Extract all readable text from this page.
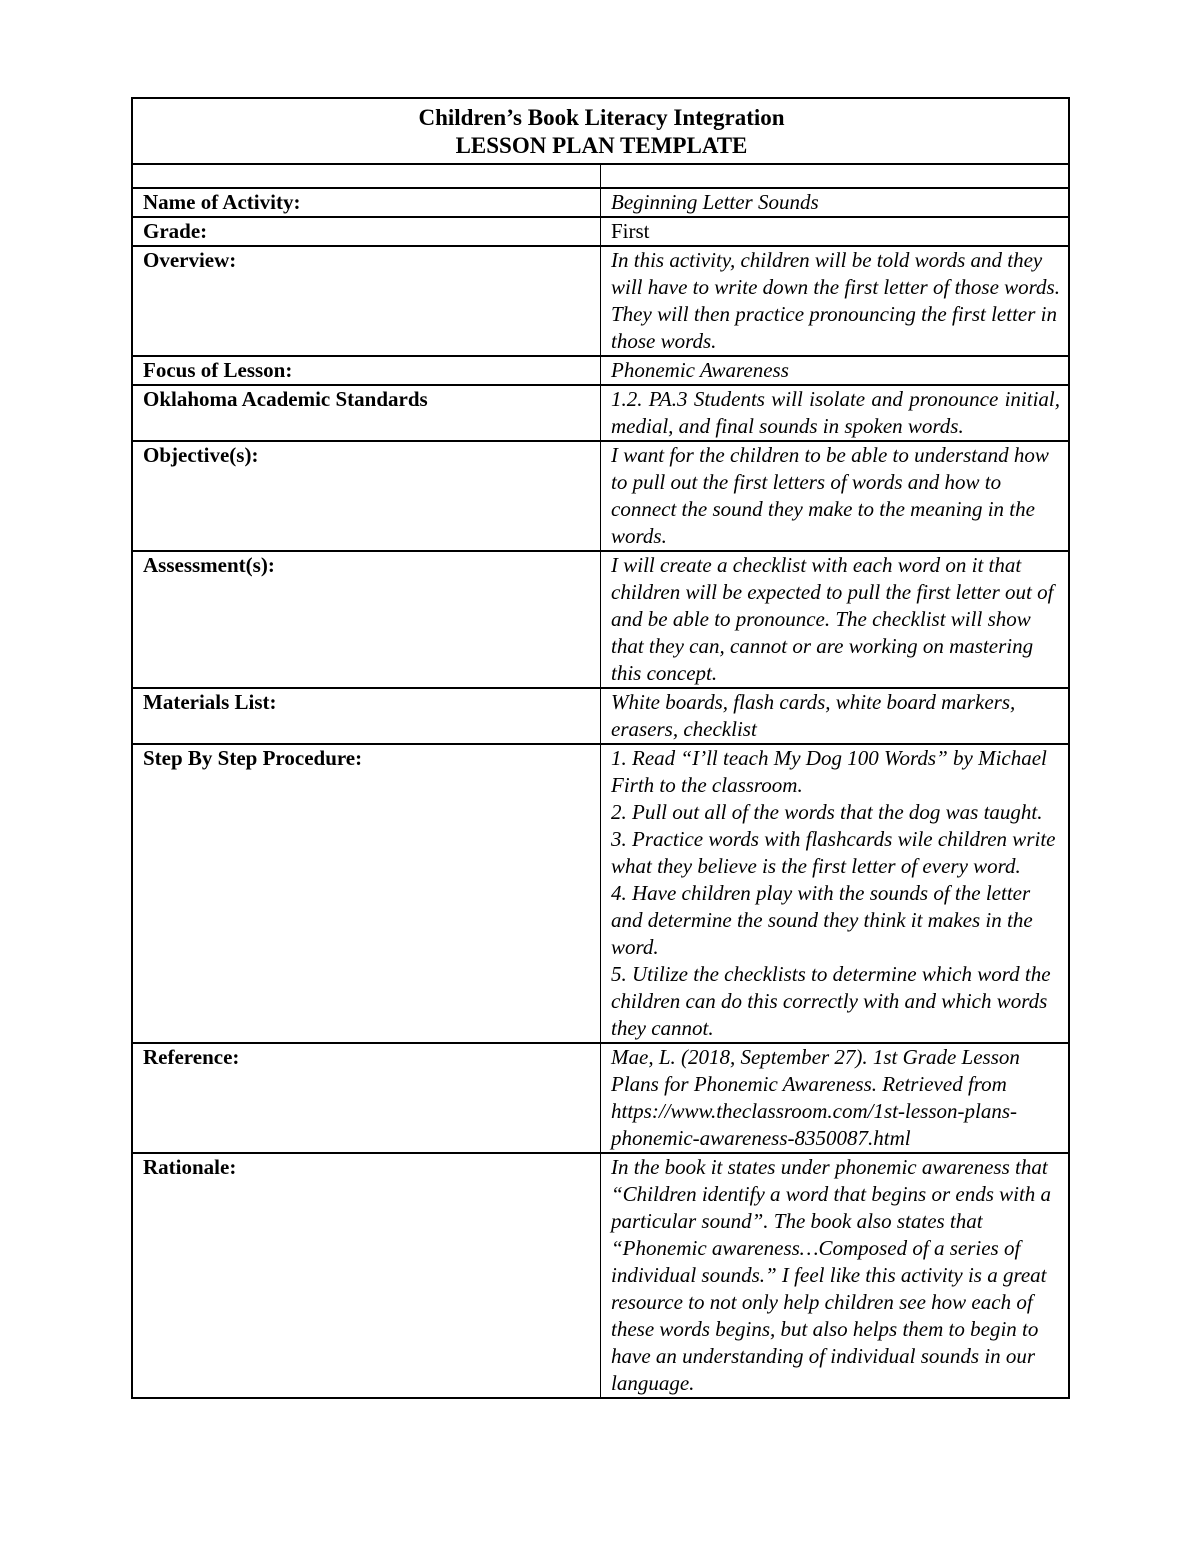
Children’s Book Literacy Integration
LESSON PLAN TEMPLATE	

Name of Activity:	Beginning Letter Sounds
Grade:	First
Overview:	In this activity, children will be told words and they will have to write down the first letter of those words. They will then practice pronouncing the first letter in those words.
Focus of Lesson:	Phonemic Awareness
Oklahoma Academic Standards	1.2. PA.3 Students will isolate and pronounce initial, medial, and final sounds in spoken words.
Objective(s):	I want for the children to be able to understand how to pull out the first letters of words and how to connect the sound they make to the meaning in the words.
Assessment(s):	I will create a checklist with each word on it that children will be expected to pull the first letter out of and be able to pronounce. The checklist will show that they can, cannot or are working on mastering this concept.
Materials List:	White boards, flash cards, white board markers, erasers, checklist
Step By Step Procedure:	1. Read “I’ll teach My Dog 100 Words” by Michael Firth to the classroom.
2. Pull out all of the words that the dog was taught.
3. Practice words with flashcards wile children write what they believe is the first letter of every word.
4. Have children play with the sounds of the letter and determine the sound they think it makes in the word.
5. Utilize the checklists to determine which word the children can do this correctly with and which words they cannot.

Reference:	Mae, L. (2018, September 27). 1st Grade Lesson Plans for Phonemic Awareness. Retrieved from https://www.theclassroom.com/1st-lesson-plans-phonemic-awareness-8350087.html
Rationale:	In the book it states under phonemic awareness that “Children identify a word that begins or ends with a particular sound”. The book also states that “Phonemic awareness…Composed of a series of individual sounds.” I feel like this activity is a great resource to not only help children see how each of these words begins, but also helps them to begin to have an understanding of individual sounds in our language.
